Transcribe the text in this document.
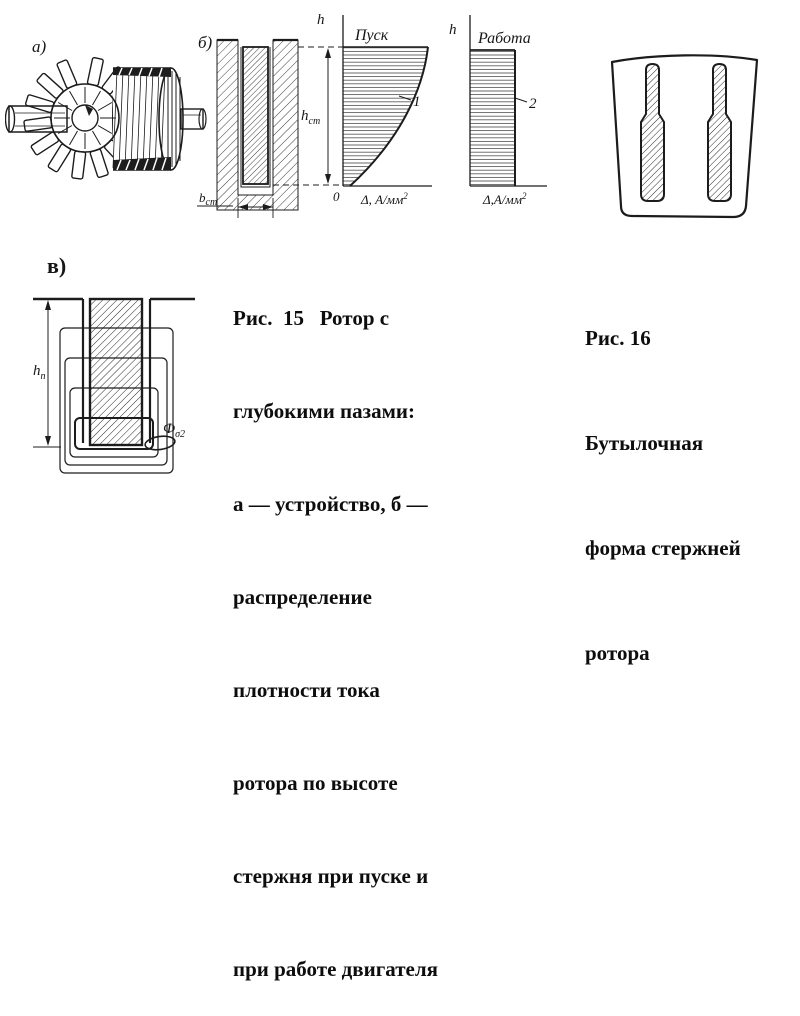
а)	б)
$h_{ст}$
$b_{ст}$
h
Пуск
1
0 Δ, $А/мм^2$
h Работа
2
$\Delta,А/мм^2$
в)
$h_п$
$Ф_{\sigma 2}$

Рис.  15   Ротор с

глубокими пазами:

а — устройство, б —

распределение

плотности тока

ротора по высоте

стержня при пуске и

при работе двигателя

Рис. 16

Бутылочная

форма стержней

ротора
